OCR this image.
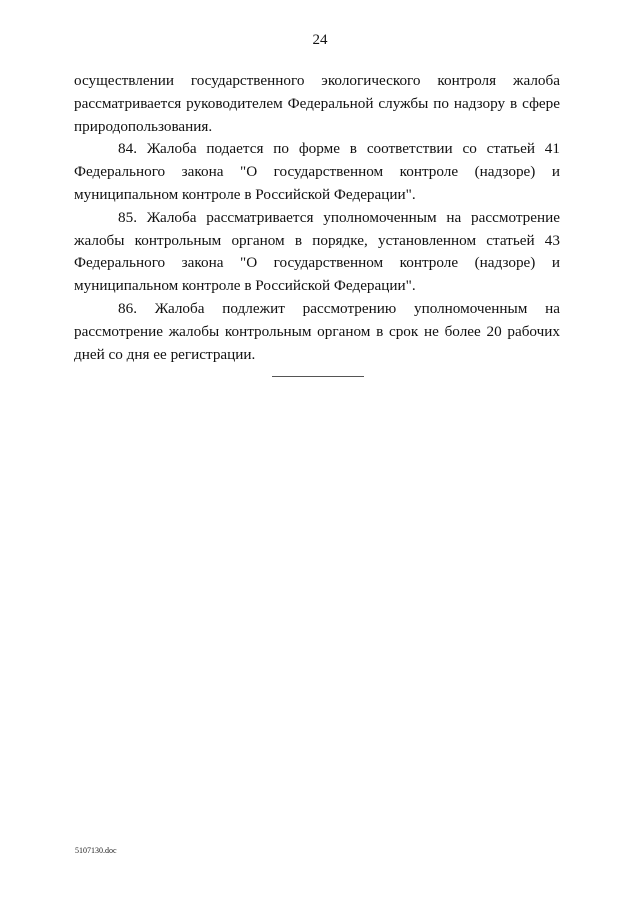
24

осуществлении государственного экологического контроля жалоба рассматривается руководителем Федеральной службы по надзору в сфере природопользования.

84. Жалоба подается по форме в соответствии со статьей 41 Федерального закона "О государственном контроле (надзоре) и муниципальном контроле в Российской Федерации".

85. Жалоба рассматривается уполномоченным на рассмотрение жалобы контрольным органом в порядке, установленном статьей 43 Федерального закона "О государственном контроле (надзоре) и муниципальном контроле в Российской Федерации".

86. Жалоба подлежит рассмотрению уполномоченным на рассмотрение жалобы контрольным органом в срок не более 20 рабочих дней со дня ее регистрации.

5107130.doc
